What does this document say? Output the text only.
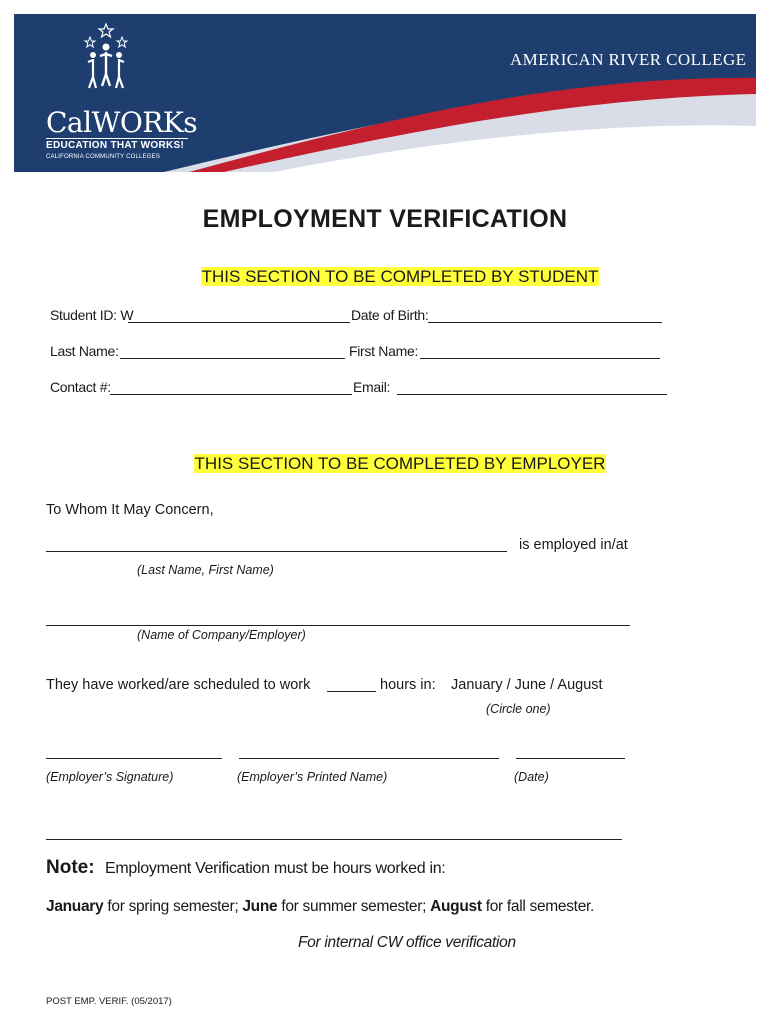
CalWORKs
EDUCATION THAT WORKS!
CALIFORNIA COMMUNITY COLLEGES
AMERICAN RIVER COLLEGE
EMPLOYMENT VERIFICATION
THIS SECTION TO BE COMPLETED BY STUDENT
Student ID: W	Date of Birth:
Last Name:	First Name:
Contact #:	Email:
THIS SECTION TO BE COMPLETED BY EMPLOYER
To Whom It May Concern,
is employed in/at
(Last Name, First Name)
(Name of Company/Employer)
They have worked/are scheduled to work	hours in: January / June / August
(Circle one)
(Employer’s Signature)	(Employer’s Printed Name)	(Date)
Note: Employment Verification must be hours worked in:
January for spring semester; June for summer semester; August for fall semester.
For internal CW office verification
POST EMP. VERIF. (05/2017)
